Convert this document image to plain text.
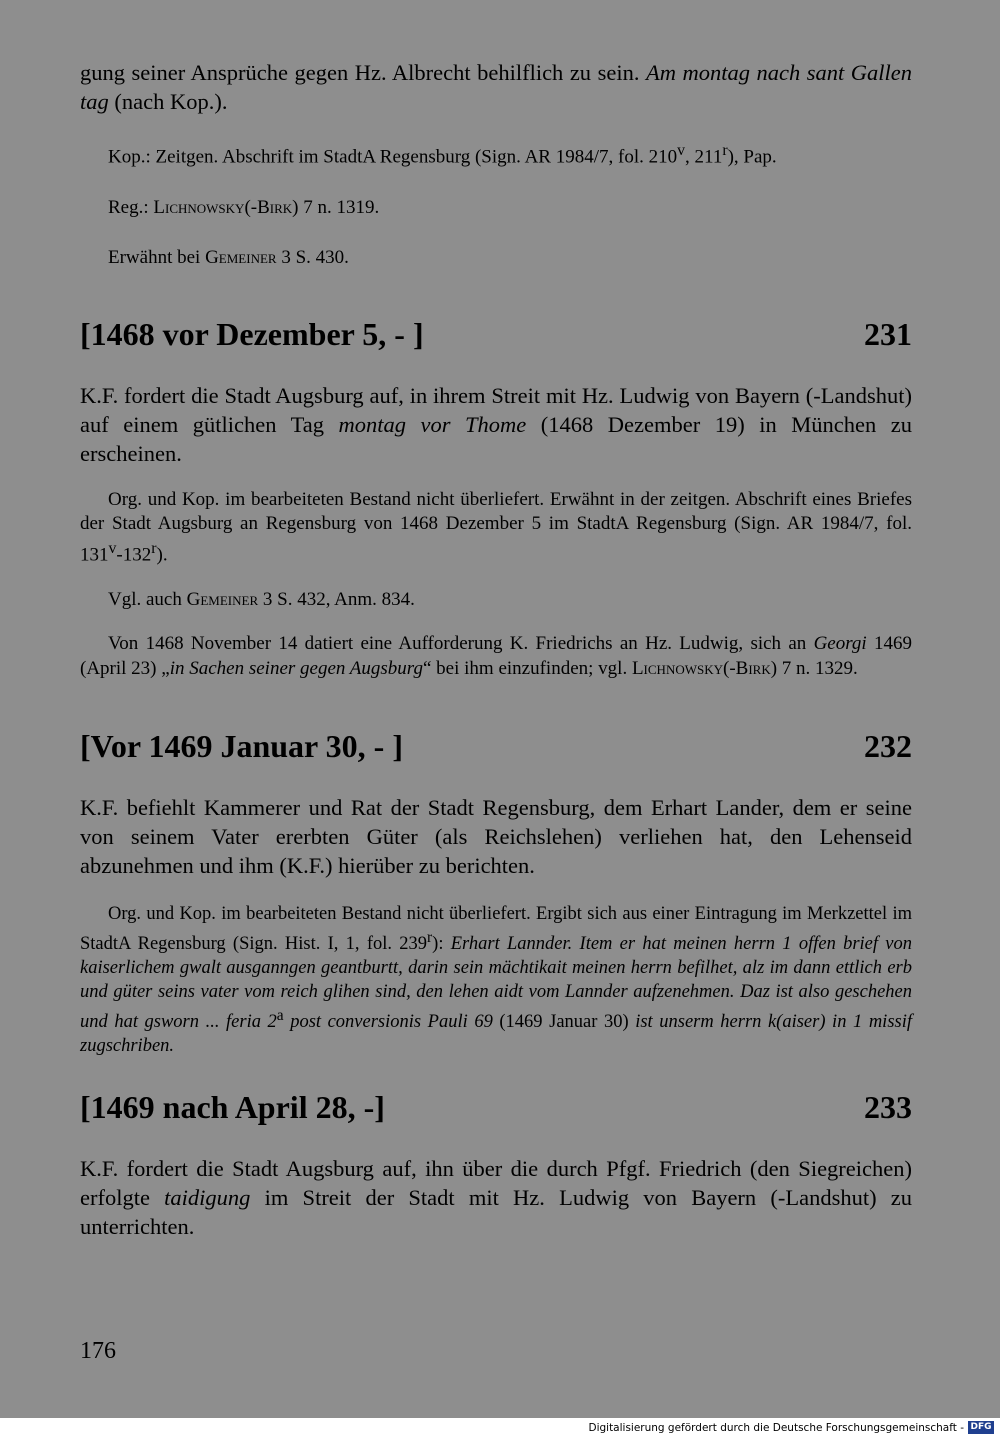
gung seiner Ansprüche gegen Hz. Albrecht behilflich zu sein. Am montag nach sant Gallen tag (nach Kop.).

Kop.: Zeitgen. Abschrift im StadtA Regensburg (Sign. AR 1984/7, fol. 210$^v$, 211$^r$), Pap.

Reg.: Lichnowsky(-Birk) 7 n. 1319.

Erwähnt bei Gemeiner 3 S. 430.

[1468 vor Dezember 5, - ]	231

K.F. fordert die Stadt Augsburg auf, in ihrem Streit mit Hz. Ludwig von Bayern (-Landshut) auf einem gütlichen Tag montag vor Thome (1468 Dezember 19) in München zu erscheinen.

Org. und Kop. im bearbeiteten Bestand nicht überliefert. Erwähnt in der zeitgen. Abschrift eines Briefes der Stadt Augsburg an Regensburg von 1468 Dezember 5 im StadtA Regensburg (Sign. AR 1984/7, fol. 131$^v$-132$^r$).

Vgl. auch Gemeiner 3 S. 432, Anm. 834.

Von 1468 November 14 datiert eine Aufforderung K. Friedrichs an Hz. Ludwig, sich an Georgi 1469 (April 23) „in Sachen seiner gegen Augsburg“ bei ihm einzufinden; vgl. Lichnowsky(-Birk) 7 n. 1329.

[Vor 1469 Januar 30, - ]	232

K.F. befiehlt Kammerer und Rat der Stadt Regensburg, dem Erhart Lander, dem er seine von seinem Vater ererbten Güter (als Reichslehen) verliehen hat, den Lehenseid abzunehmen und ihm (K.F.) hierüber zu berichten.

Org. und Kop. im bearbeiteten Bestand nicht überliefert. Ergibt sich aus einer Eintragung im Merkzettel im StadtA Regensburg (Sign. Hist. I, 1, fol. 239$^r$): Erhart Lannder. Item er hat meinen herrn 1 offen brief von kaiserlichem gwalt ausganngen geantburtt, darin sein mächtikait meinen herrn befilhet, alz im dann ettlich erb und güter seins vater vom reich glihen sind, den lehen aidt vom Lannder aufzenehmen. Daz ist also geschehen und hat gsworn ... feria 2$^a$ post conversionis Pauli 69 (1469 Januar 30) ist unserm herrn k(aiser) in 1 missif zugschriben.

[1469 nach April 28, -]	233

K.F. fordert die Stadt Augsburg auf, ihn über die durch Pfgf. Friedrich (den Siegreichen) erfolgte taidigung im Streit der Stadt mit Hz. Ludwig von Bayern (-Landshut) zu unterrichten.

176
Digitalisierung gefördert durch die Deutsche Forschungsgemeinschaft - DFG
